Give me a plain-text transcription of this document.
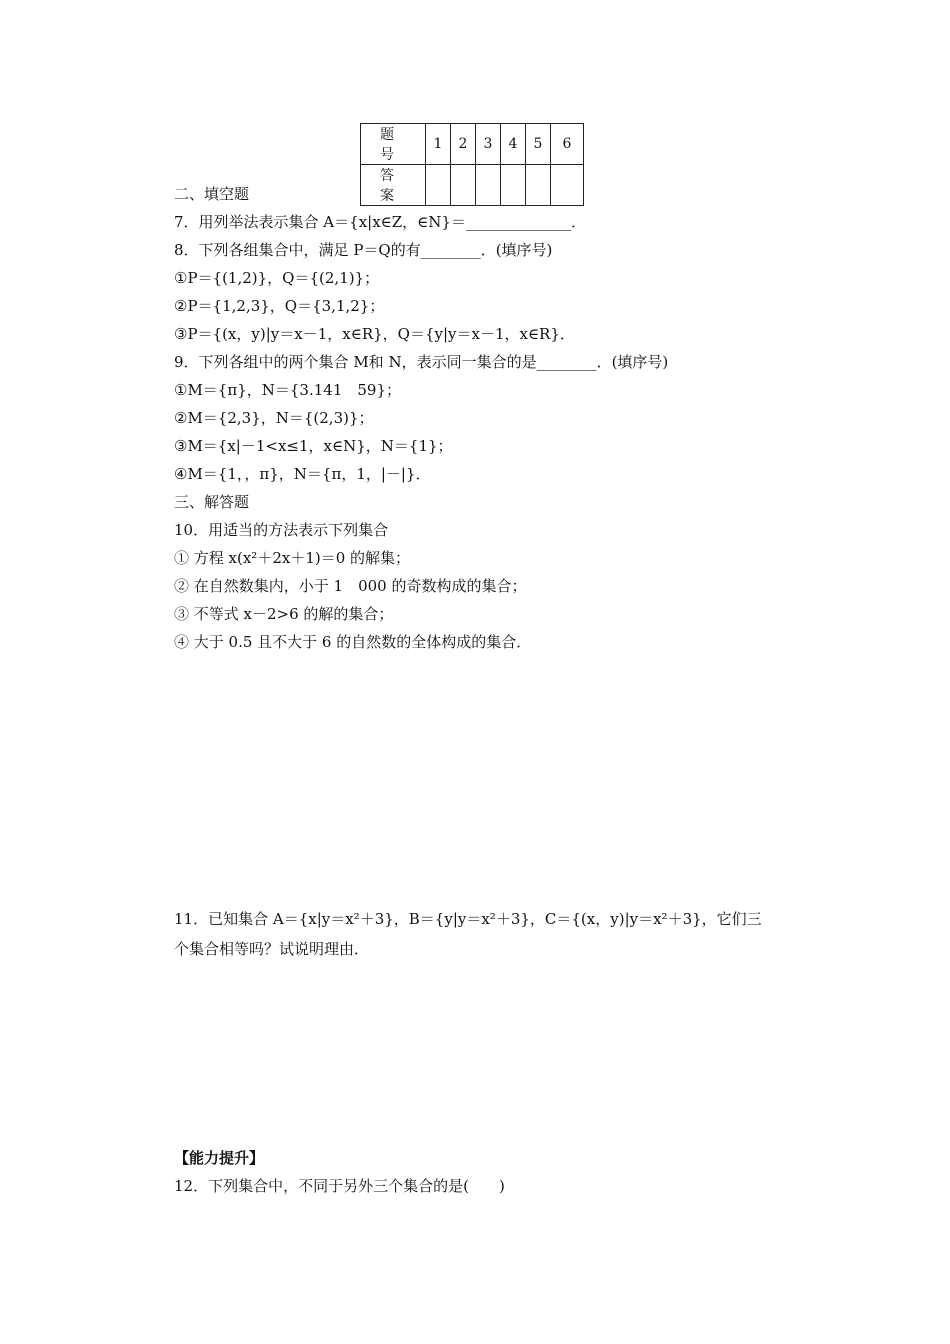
题　号	1	2	3	4	5	6
答　案						
二、填空题
7．用列举法表示集合 A＝{x|x∈Z，∈N}＝______________．
8．下列各组集合中，满足 P＝Q的有________．(填序号)
①P＝{(1,2)}，Q＝{(2,1)}；
②P＝{1,2,3}，Q＝{3,1,2}；
③P＝{(x，y)|y＝x－1，x∈R}，Q＝{y|y＝x－1，x∈R}．
9．下列各组中的两个集合 M和 N，表示同一集合的是________．(填序号)
①M＝{π}，N＝{3.141　59}；
②M＝{2,3}，N＝{(2,3)}；
③M＝{x|－1<x≤1，x∈N}，N＝{1}；
④M＝{1，，π}，N＝{π，1，|－|}．
三、解答题
10．用适当的方法表示下列集合
① 方程 x(x²＋2x＋1)＝0 的解集；
② 在自然数集内，小于 1　000 的奇数构成的集合；
③ 不等式 x－2>6 的解的集合；
④ 大于 0.5 且不大于 6 的自然数的全体构成的集合．
11．已知集合 A＝{x|y＝x²＋3}，B＝{y|y＝x²＋3}，C＝{(x，y)|y＝x²＋3}，它们三
个集合相等吗？试说明理由．
【能力提升】
12．下列集合中，不同于另外三个集合的是(　　)
